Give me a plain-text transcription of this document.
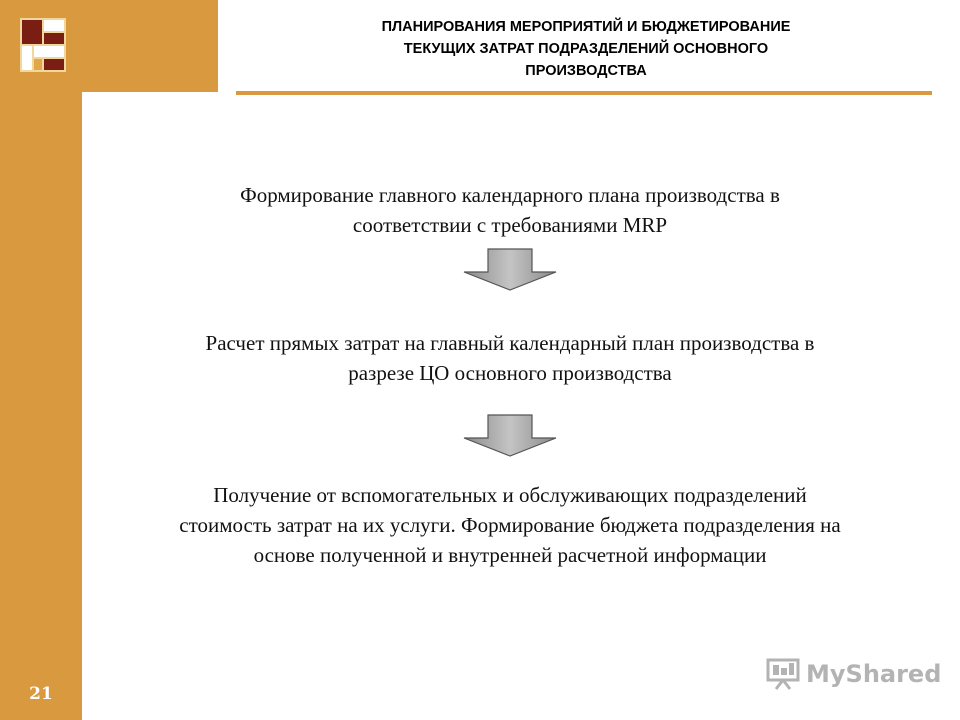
ПЛАНИРОВАНИЯ МЕРОПРИЯТИЙ И БЮДЖЕТИРОВАНИЕ
ТЕКУЩИХ ЗАТРАТ ПОДРАЗДЕЛЕНИЙ ОСНОВНОГО
ПРОИЗВОДСТВА
Формирование главного календарного плана производства в
соответствии с требованиями MRP
Расчет прямых затрат на главный календарный план производства в
разрезе ЦО основного производства
Получение от вспомогательных и обслуживающих подразделений
стоимость затрат на их услуги. Формирование бюджета подразделения на
основе полученной и внутренней расчетной информации
21
MyShared
